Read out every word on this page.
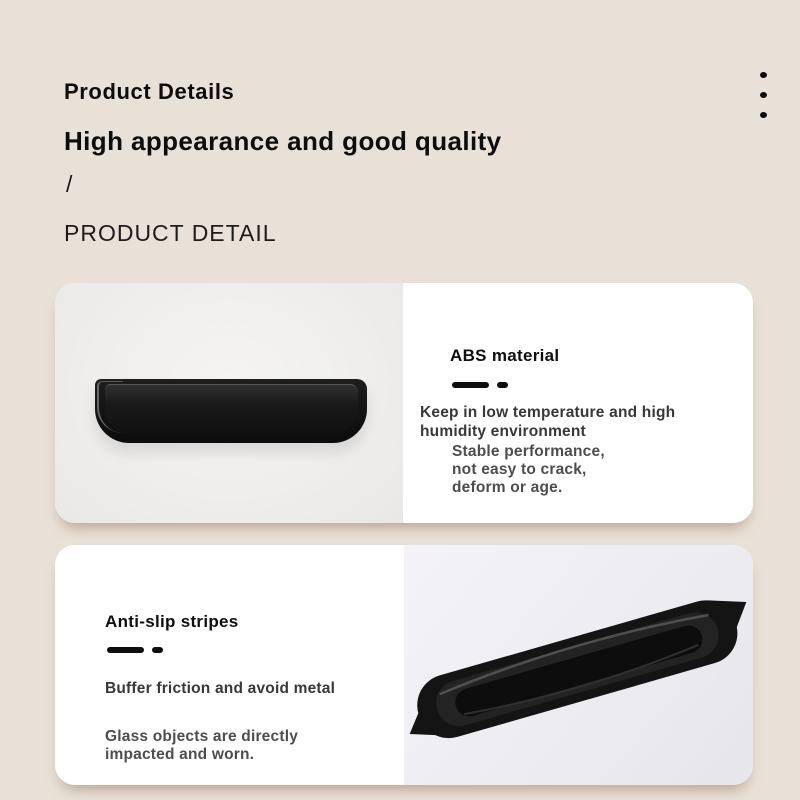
Product Details
High appearance and good quality
/
PRODUCT DETAIL
ABS material
Keep in low temperature and high humidity environment
Stable performance,
not easy to crack,
deform or age.
Anti-slip stripes
Buffer friction and avoid metal
Glass objects are directly
impacted and worn.
